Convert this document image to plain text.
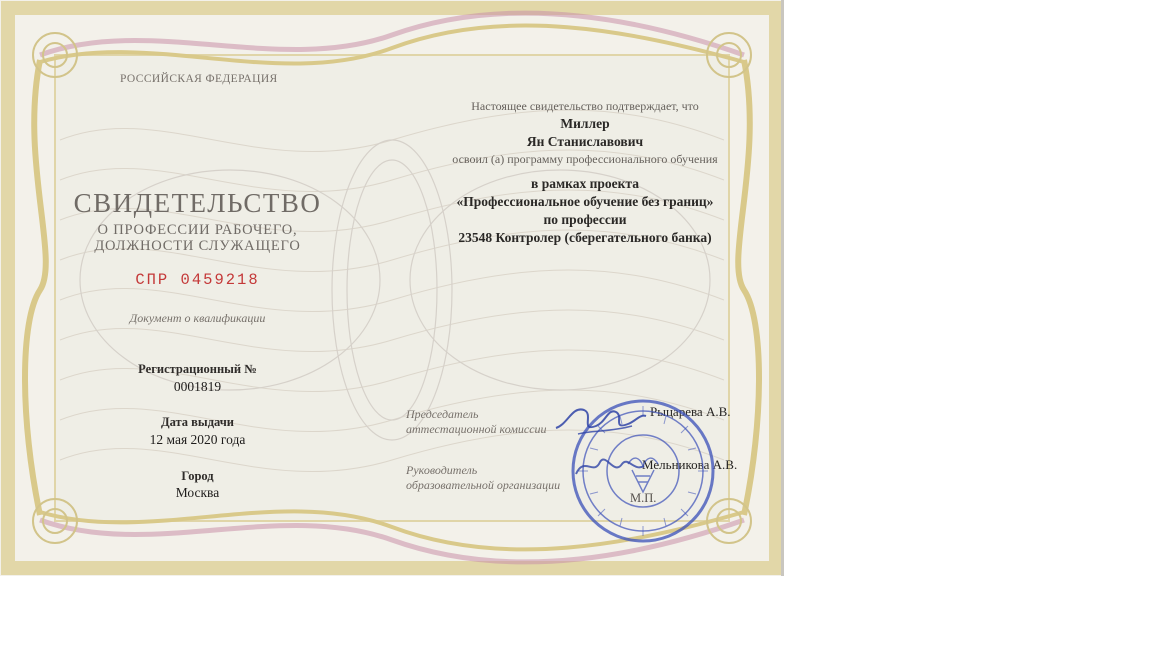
РОССИЙСКАЯ ФЕДЕРАЦИЯ

СВИДЕТЕЛЬСТВО

О ПРОФЕССИИ РАБОЧЕГО,
ДОЛЖНОСТИ СЛУЖАЩЕГО

СПР 0459218

Документ о квалификации

Регистрационный №

0001819

Дата выдачи

12 мая 2020 года

Город

Москва

Настоящее свидетельство подтверждает, что

Миллер

Ян Станиславович

освоил (а) программу профессионального обучения

в рамках проекта

«Профессиональное обучение без границ»

по профессии

23548 Контролер (сберегательного банка)

Председатель
аттестационной комиссии

Рыцарева А.В.

Руководитель
образовательной организации

Мельникова А.В.

М.П.
